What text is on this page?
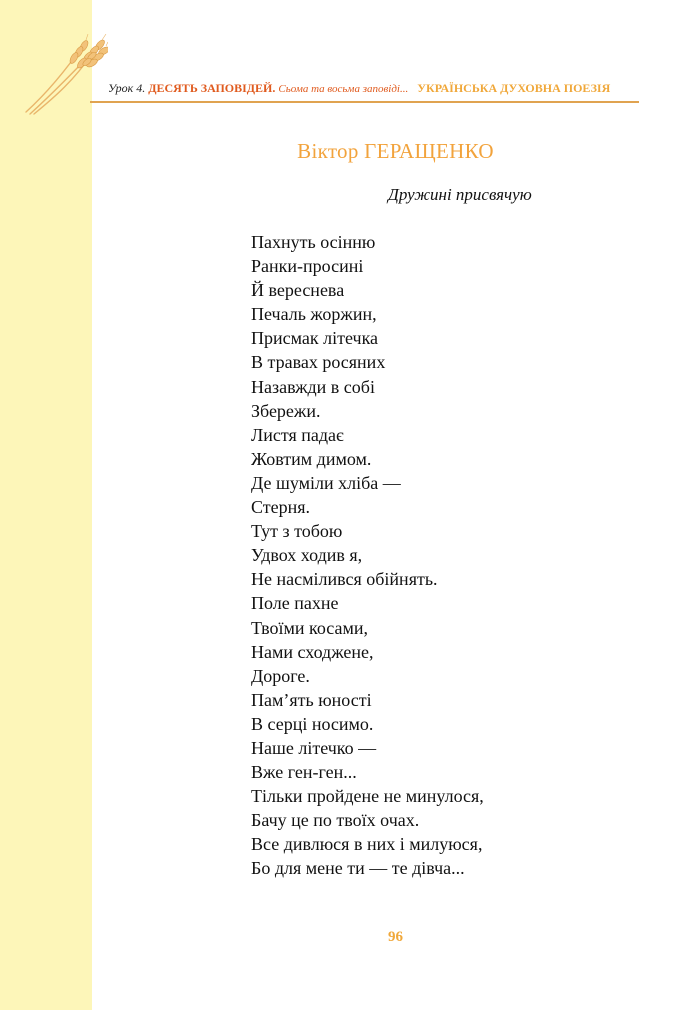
Урок 4. ДЕСЯТЬ ЗАПОВІДЕЙ. Сьома та восьма заповіді... УКРАЇНСЬКА ДУХОВНА ПОЕЗІЯ
Віктор ГЕРАЩЕНКО
Дружині присвячую
Пахнуть осінню
Ранки-просині
Й вереснева
Печаль жоржин,
Присмак літечка
В травах росяних
Назавжди в собі
Збережи.
Листя падає
Жовтим димом.
Де шуміли хліба —
Стерня.
Тут з тобою
Удвох ходив я,
Не насмілився обійнять.
Поле пахне
Твоїми косами,
Нами сходжене,
Дороге.
Пам’ять юності
В серці носимо.
Наше літечко —
Вже ген-ген...
Тільки пройдене не минулося,
Бачу це по твоїх очах.
Все дивлюся в них і милуюся,
Бо для мене ти — те дівча...
96
